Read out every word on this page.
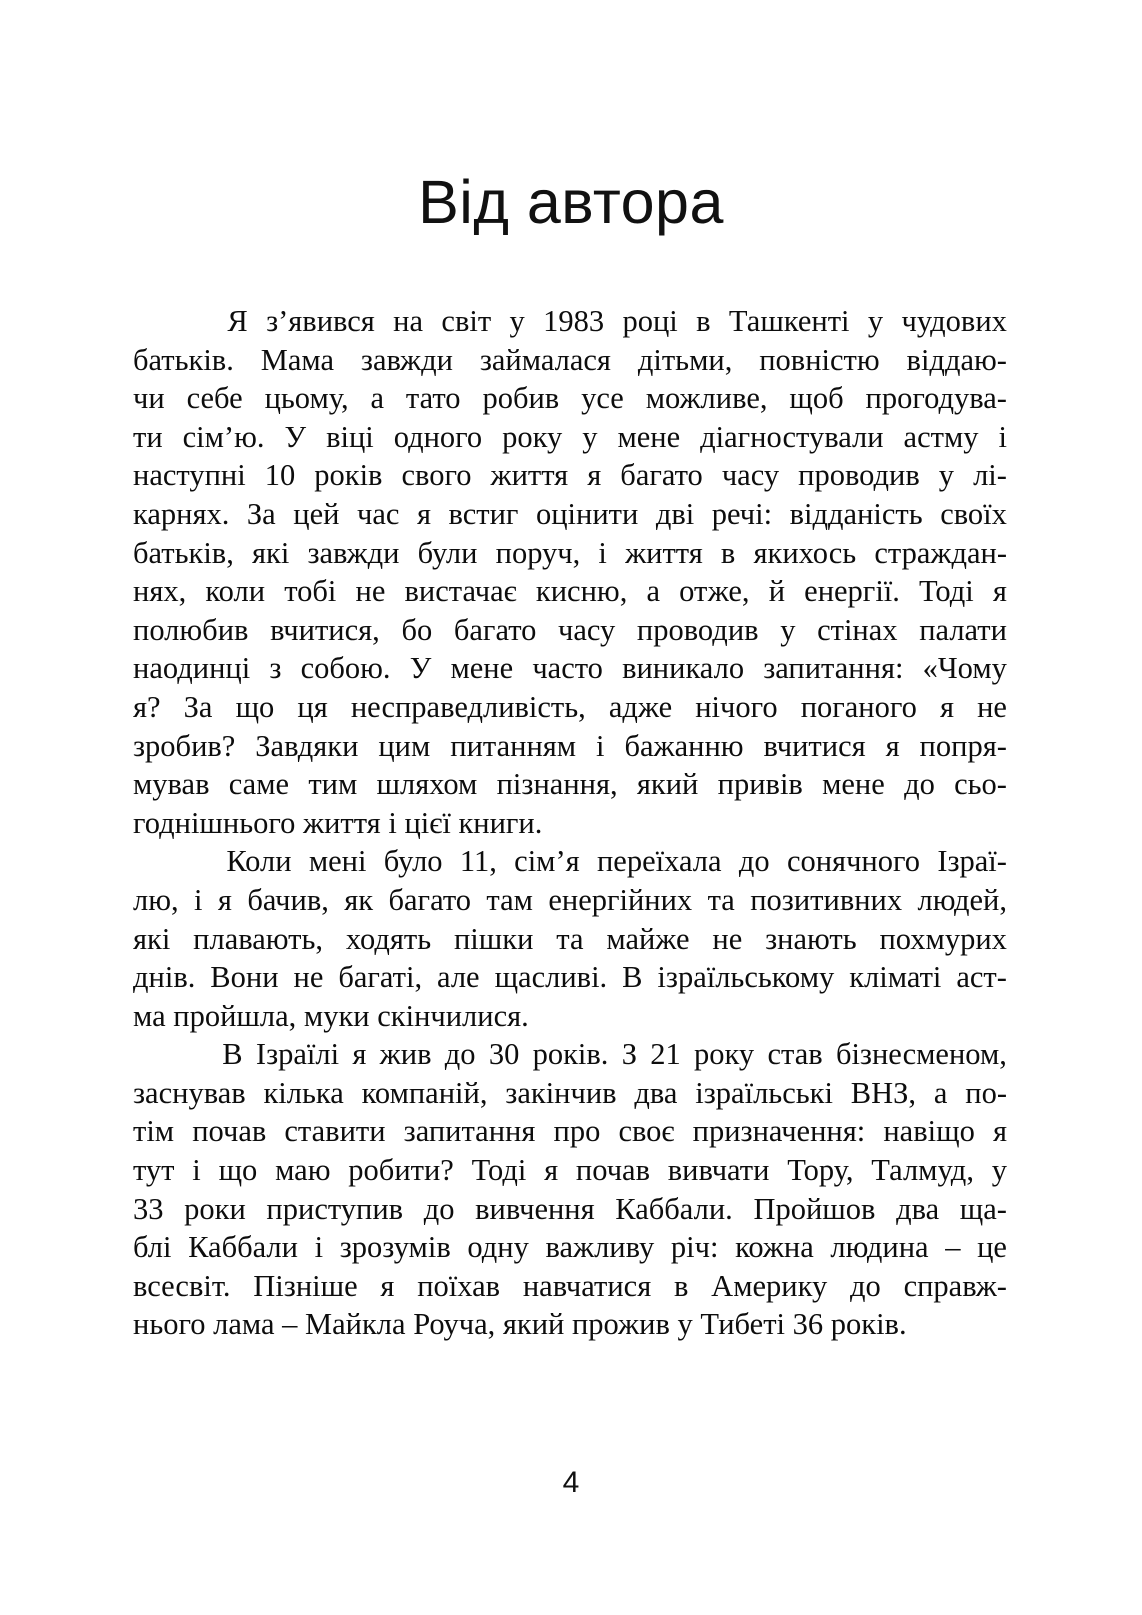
Від автора
Я з’явився на світ у 1983 році в Ташкенті у чудових
батьків. Мама завжди займалася дітьми, повністю віддаю-
чи себе цьому, а тато робив усе можливе, щоб прогодува-
ти сім’ю. У віці одного року у мене діагностували астму і
наступні 10 років свого життя я багато часу проводив у лі-
карнях. За цей час я встиг оцінити дві речі: відданість своїх
батьків, які завжди були поруч, і життя в якихось страждан-
нях, коли тобі не вистачає кисню, а отже, й енергії. Тоді я
полюбив вчитися, бо багато часу проводив у стінах палати
наодинці з собою. У мене часто виникало запитання: «Чому
я? За що ця несправедливість, адже нічого поганого я не
зробив? Завдяки цим питанням і бажанню вчитися я попря-
мував саме тим шляхом пізнання, який привів мене до сьо-
годнішнього
життя
і
цієї
книги.
Коли мені було 11, сім’я переїхала до сонячного Ізраї-
лю, і я бачив, як багато там енергійних та позитивних людей,
які плавають, ходять пішки та майже не знають похмурих
днів. Вони не багаті, але щасливі. В ізраїльському кліматі аст-
ма
пройшла,
муки
скінчилися.
В Ізраїлі я жив до 30 років. З 21 року став бізнесменом,
заснував кілька компаній, закінчив два ізраїльські ВНЗ, а по-
тім почав ставити запитання про своє призначення: навіщо я
тут і що маю робити? Тоді я почав вивчати Тору, Талмуд, у
33 роки приступив до вивчення Каббали. Пройшов два ща-
блі Каббали і зрозумів одну важливу річ: кожна людина – це
всесвіт. Пізніше я поїхав навчатися в Америку до справж-
нього
лама
–
Майкла
Роуча,
який
прожив
у
Тибеті
36
років.
4
